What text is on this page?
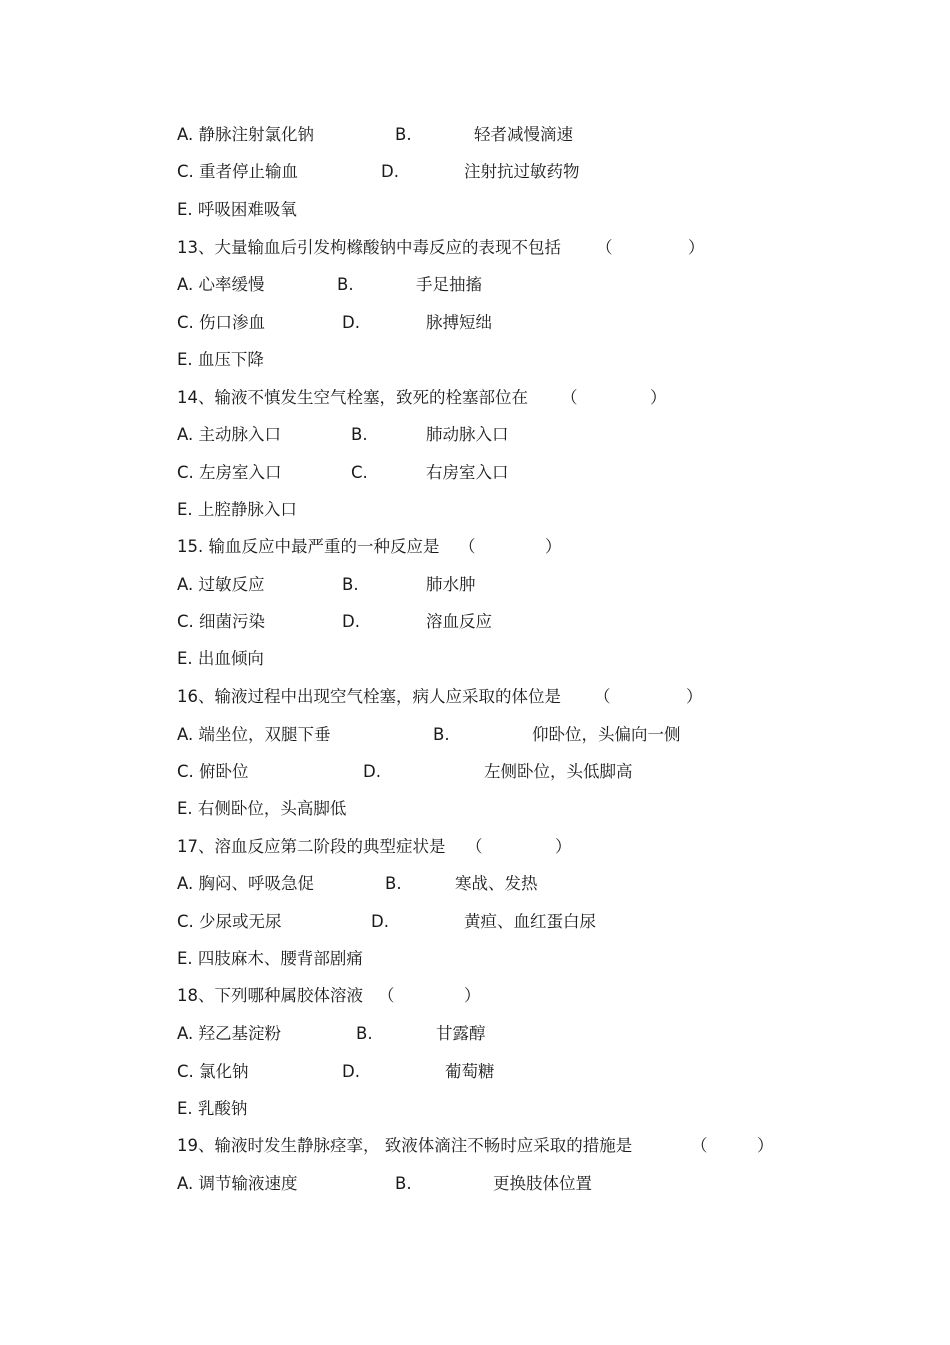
A. 静脉注射氯化钠	B.	轻者减慢滴速
C. 重者停止输血	D.	注射抗过敏药物
E. 呼吸困难吸氧
13、大量输血后引发枸橼酸钠中毒反应的表现不包括 （	）
A. 心率缓慢	B.	手足抽搐
C. 伤口渗血	D.	脉搏短绌
E. 血压下降
14、输液不慎发生空气栓塞，致死的栓塞部位在 （	）
A. 主动脉入口	B.	肺动脉入口
C. 左房室入口	C.	右房室入口
E. 上腔静脉入口
15. 输血反应中最严重的一种反应是 （	）
A. 过敏反应	B.	肺水肿
C. 细菌污染	D.	溶血反应
E. 出血倾向
16、输液过程中出现空气栓塞，病人应采取的体位是 （	）
A. 端坐位，双腿下垂	B.	仰卧位，头偏向一侧
C. 俯卧位	D.	左侧卧位，头低脚高
E. 右侧卧位，头高脚低
17、溶血反应第二阶段的典型症状是 （	）
A. 胸闷、呼吸急促	B.	寒战、发热
C. 少尿或无尿	D.	黄疸、血红蛋白尿
E. 四肢麻木、腰背部剧痛
18、下列哪种属胶体溶液 （	）
A. 羟乙基淀粉	B.	甘露醇
C. 氯化钠	D.	葡萄糖
E. 乳酸钠
19、输液时发生静脉痉挛， 致液体滴注不畅时应采取的措施是	（	）
A. 调节输液速度	B.	更换肢体位置
